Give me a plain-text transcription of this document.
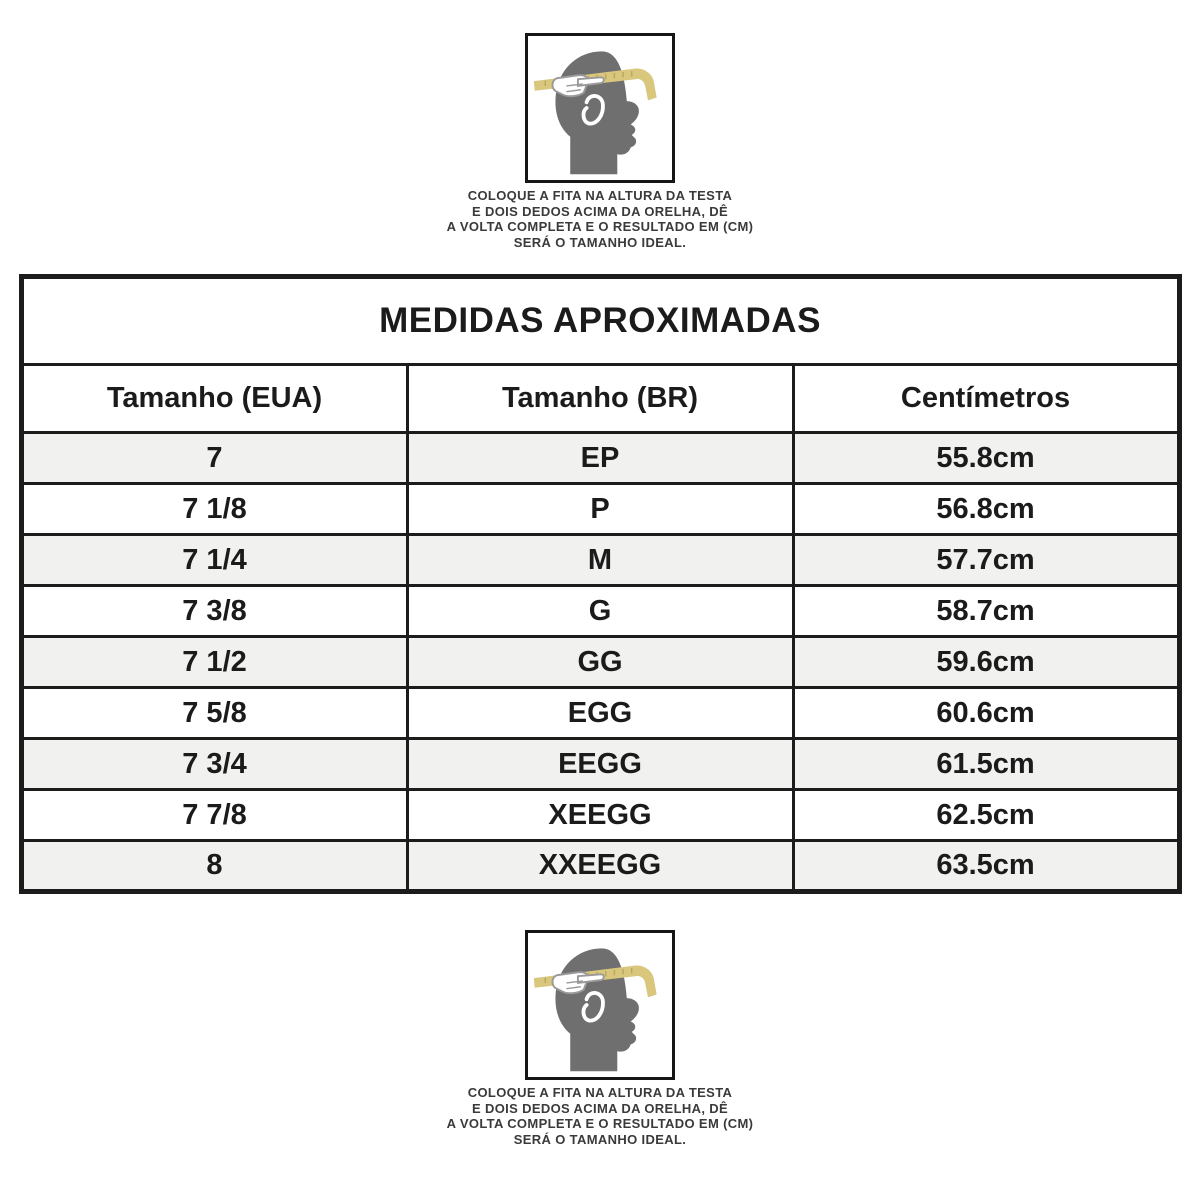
COLOQUE A FITA NA ALTURA DA TESTA
E DOIS DEDOS ACIMA DA ORELHA, DÊ
A VOLTA COMPLETA E O RESULTADO EM (CM)
SERÁ O TAMANHO IDEAL.
MEDIDAS APROXIMADAS		
Tamanho (EUA)	Tamanho (BR)	Centímetros
7	EP	55.8cm
7 1/8	P	56.8cm
7 1/4	M	57.7cm
7 3/8	G	58.7cm
7 1/2	GG	59.6cm
7 5/8	EGG	60.6cm
7 3/4	EEGG	61.5cm
7 7/8	XEEGG	62.5cm
8	XXEEGG	63.5cm
COLOQUE A FITA NA ALTURA DA TESTA
E DOIS DEDOS ACIMA DA ORELHA, DÊ
A VOLTA COMPLETA E O RESULTADO EM (CM)
SERÁ O TAMANHO IDEAL.
